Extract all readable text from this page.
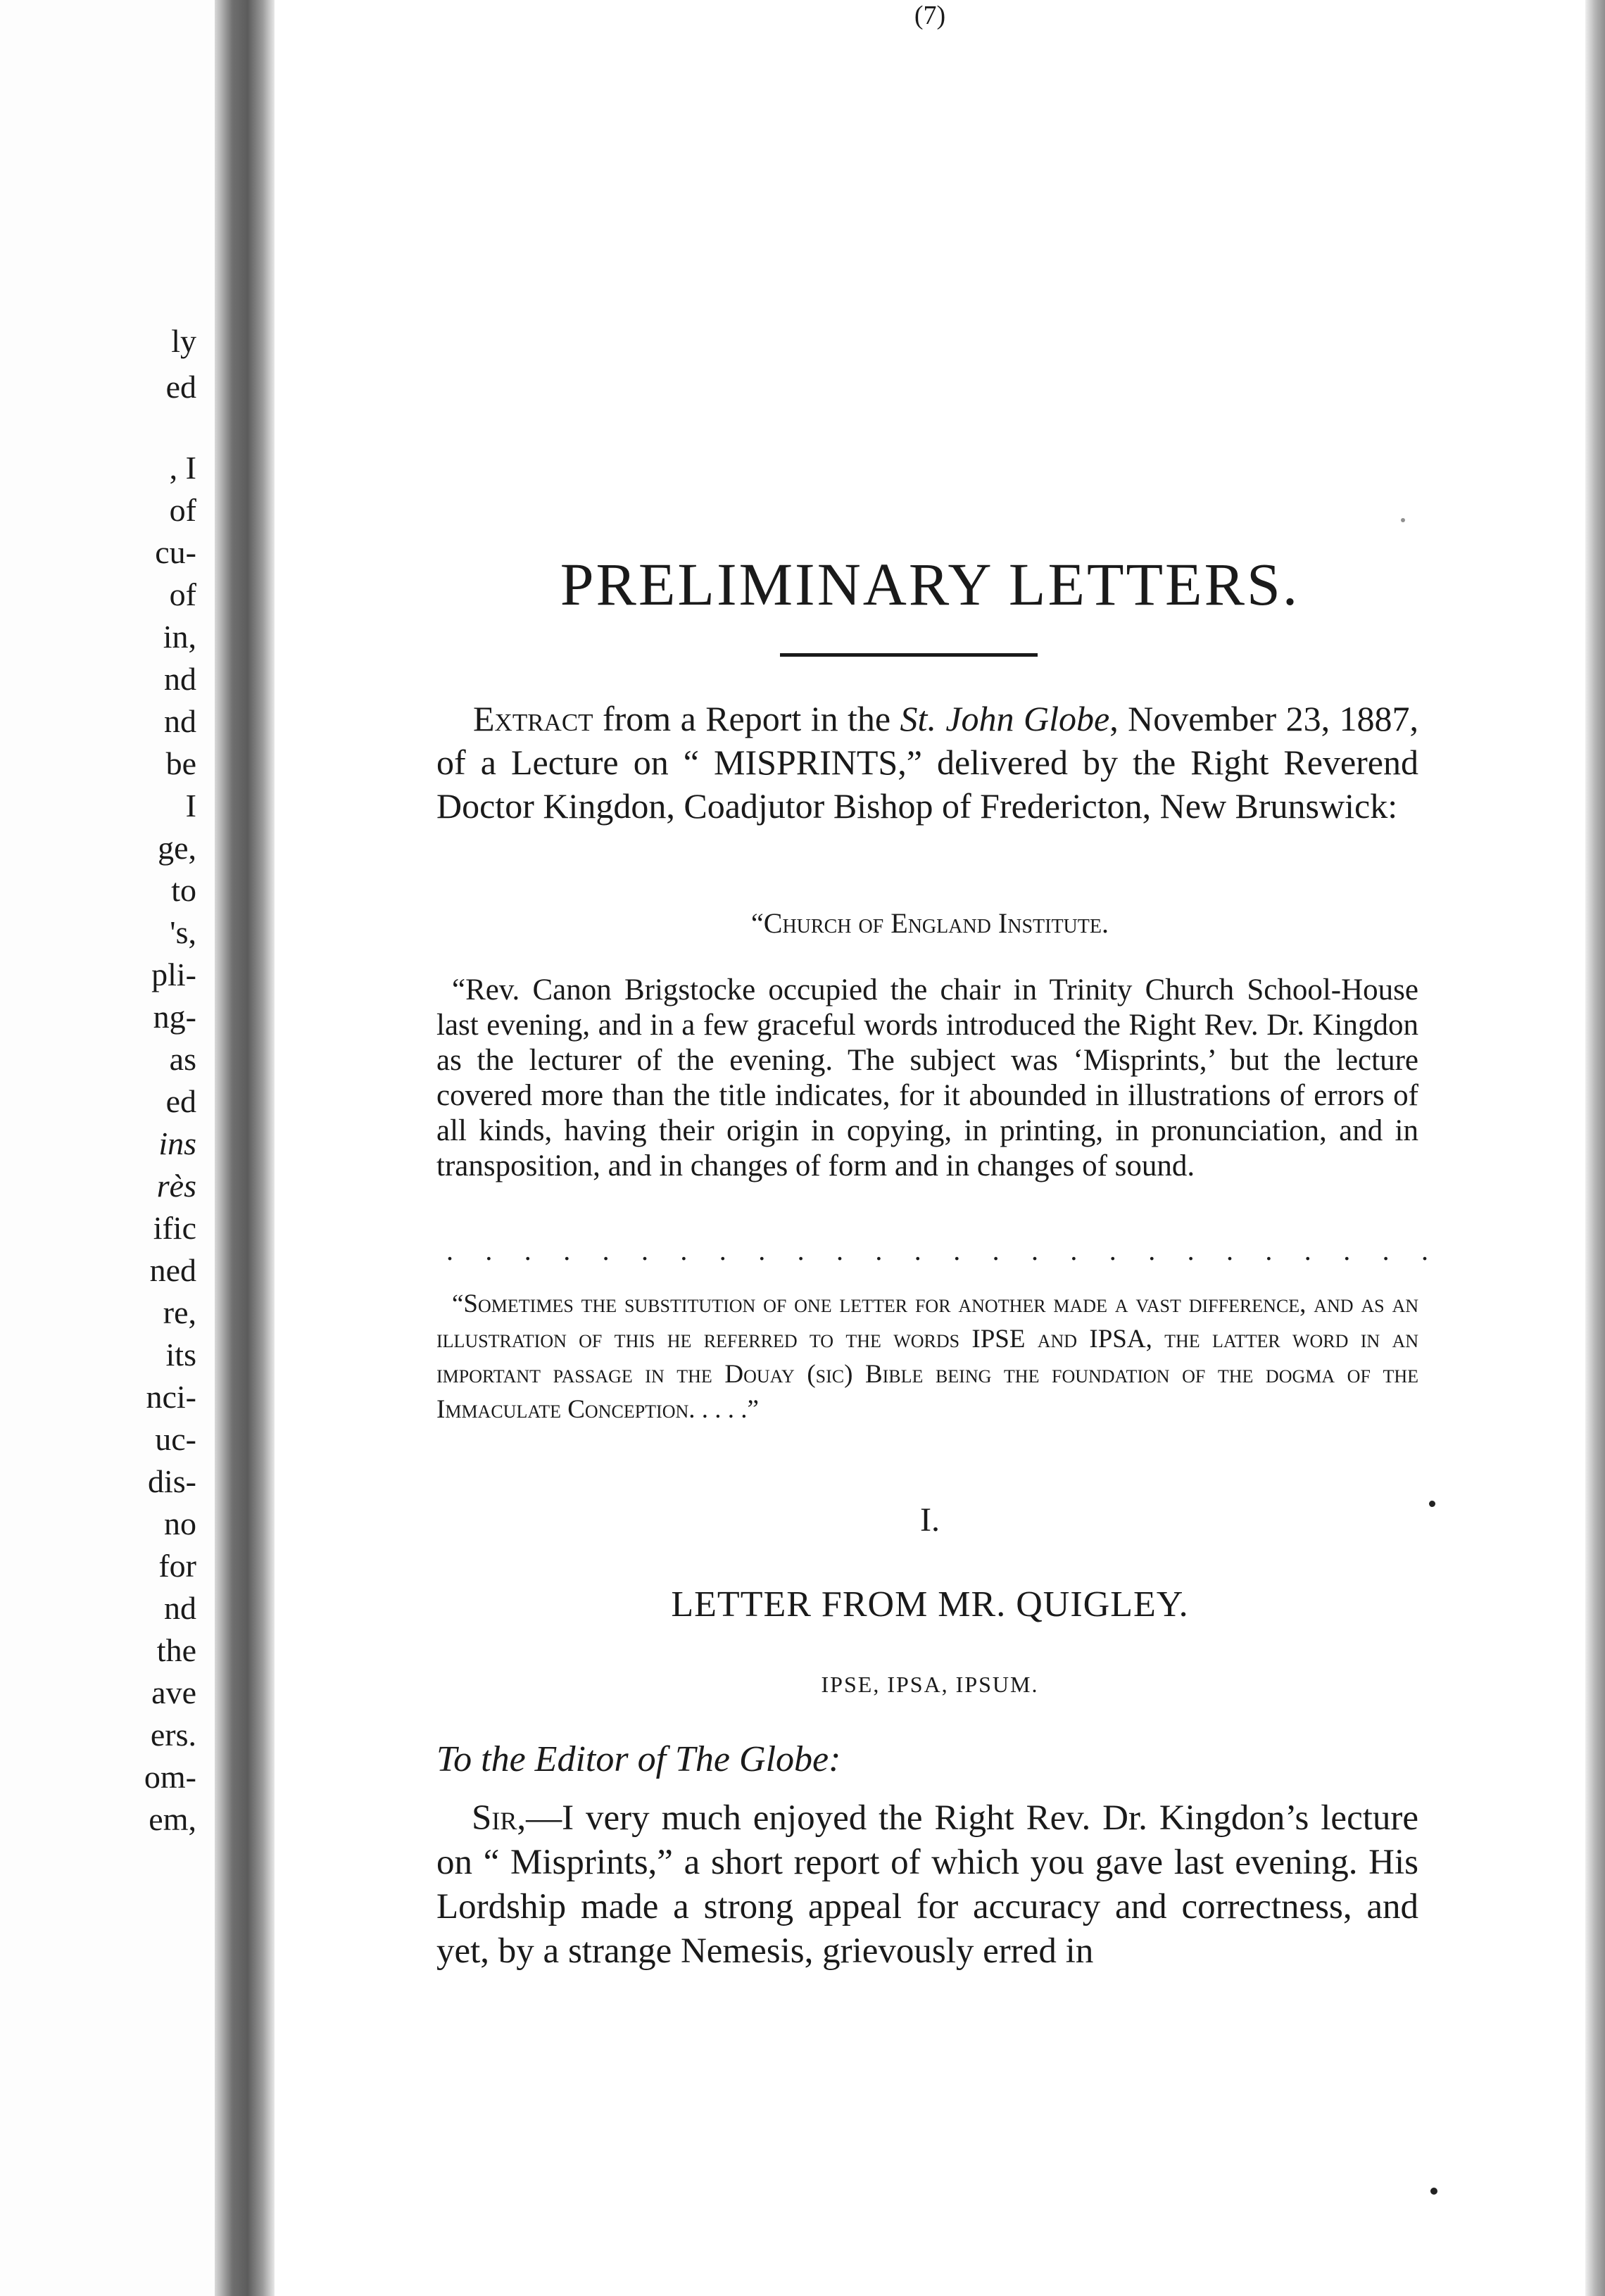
ly
ed
, I
of
cu-
of
in,
nd
nd
be
I
ge,
to
's,
pli-
ng-
as
ed
ins
rès
ific
ned
re,
its
nci-
uc-
dis-
no
for
nd
the
ave
ers.
om-
em,
PRELIMINARY LETTERS.
Extract from a Report in the St. John Globe, November 23, 1887, of a Lecture on “ MISPRINTS,” delivered by the Right Reverend Doctor Kingdon, Coadjutor Bishop of Fredericton, New Brunswick:
“Church of England Institute.
“Rev. Canon Brigstocke occupied the chair in Trinity Church School-House last evening, and in a few graceful words introduced the Right Rev. Dr. Kingdon as the lecturer of the evening. The subject was ‘Misprints,’ but the lecture covered more than the title indicates, for it abounded in illustrations of errors of all kinds, having their origin in copying, in printing, in pronunciation, and in transposition, and in changes of form and in changes of sound.
. . . . . . . . . . . . . . . . . . . . . . . . . .
“Sometimes the substitution of one letter for another made a vast difference, and as an illustration of this he referred to the words IPSE and IPSA, the latter word in an important passage in the Douay (sic) Bible being the foundation of the dogma of the Immaculate Conception. . . . .”
I.
LETTER FROM MR. QUIGLEY.
IPSE, IPSA, IPSUM.
To the Editor of The Globe:
Sir,—I very much enjoyed the Right Rev. Dr. Kingdon’s lecture on “ Misprints,” a short report of which you gave last evening. His Lordship made a strong appeal for accuracy and correctness, and yet, by a strange Nemesis, grievously erred in
(7)
